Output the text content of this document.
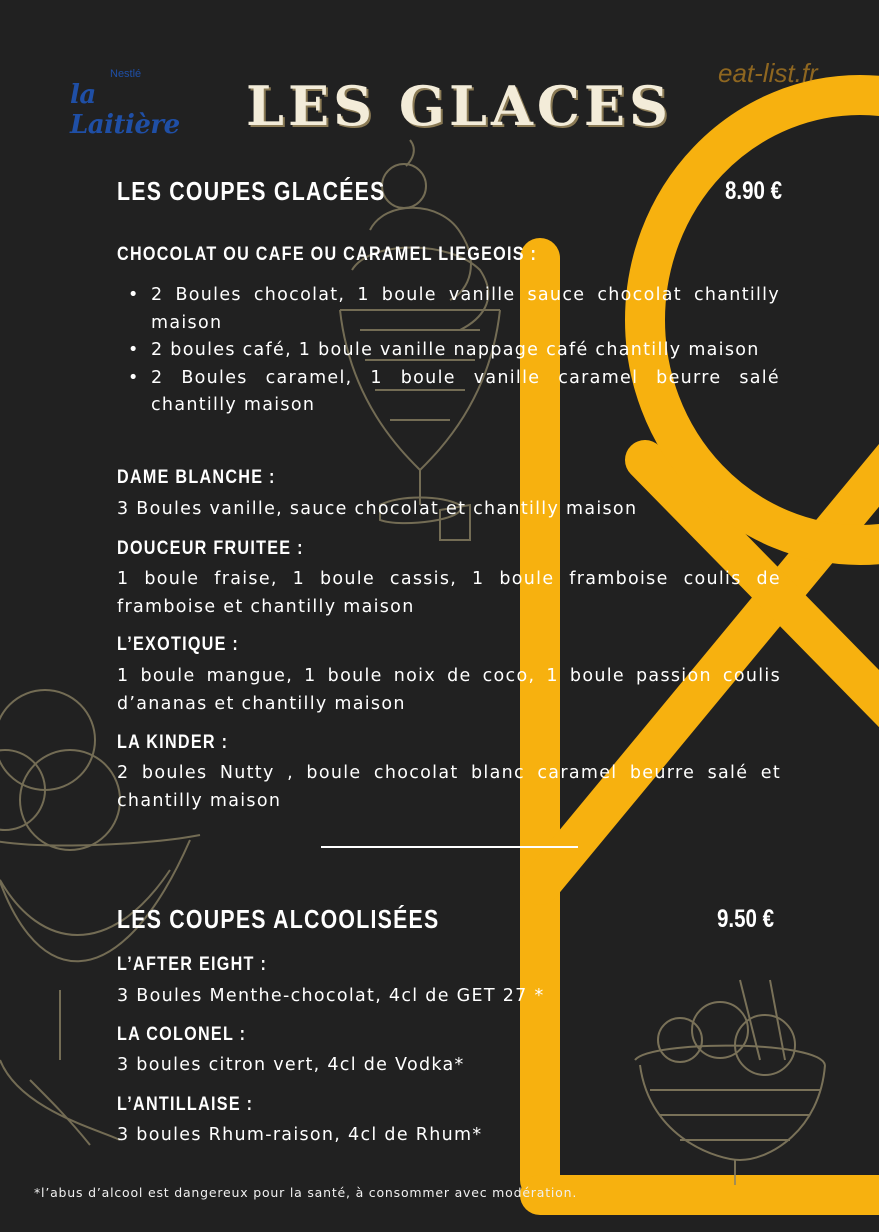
Nestlé
la Laitière	LES GLACES
eat-list.fr
LES COUPES GLACÉES	8.90 €
CHOCOLAT OU CAFE OU CARAMEL LIEGEOIS :
• 2 Boules chocolat, 1 boule vanille sauce chocolat chantilly maison
• 2 boules café, 1 boule vanille nappage café chantilly maison
• 2 Boules caramel, 1 boule vanille caramel beurre salé chantilly maison
DAME BLANCHE :
3 Boules vanille, sauce chocolat et chantilly maison
DOUCEUR FRUITEE :
1 boule fraise, 1 boule cassis, 1 boule framboise coulis de framboise et chantilly maison
L’EXOTIQUE :
1 boule mangue, 1 boule noix de coco, 1 boule passion coulis d’ananas et chantilly maison
LA KINDER :
2 boules Nutty , boule chocolat blanc caramel beurre salé et chantilly maison
LES COUPES ALCOOLISÉES	9.50 €
L’AFTER EIGHT :
3 Boules Menthe-chocolat, 4cl de GET 27 *
LA COLONEL :
3 boules citron vert, 4cl de Vodka*
L’ANTILLAISE :
3 boules Rhum-raison, 4cl de Rhum*
*l’abus d’alcool est dangereux pour la santé, à consommer avec modération.
